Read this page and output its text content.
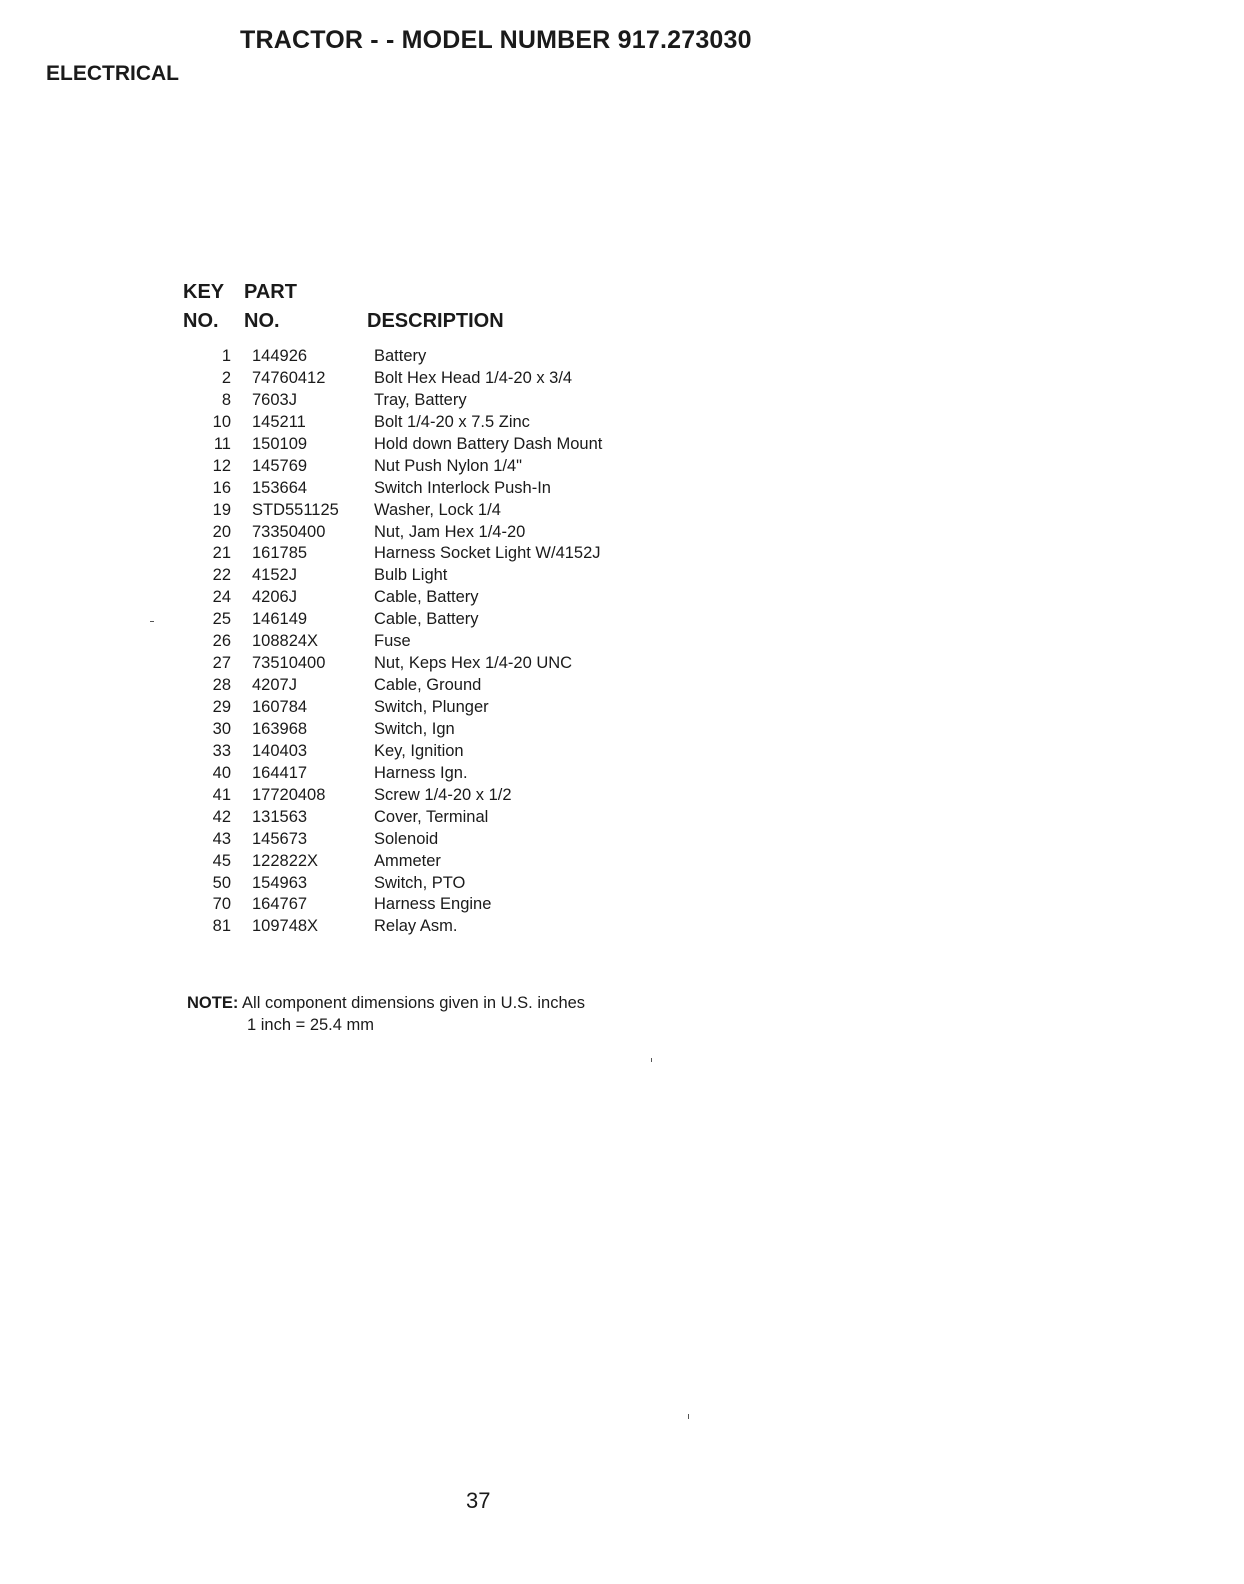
TRACTOR - - MODEL NUMBER 917.273030
ELECTRICAL
KEY
NO.
PART
NO.	DESCRIPTION
1 144926	Battery
2 74760412	Bolt Hex Head 1/4-20 x 3/4
8 7603J	Tray, Battery
10 145211	Bolt 1/4-20 x 7.5 Zinc
11 150109	Hold down Battery Dash Mount
12 145769	Nut Push Nylon 1/4"
16 153664	Switch Interlock Push-In
19 STD551125 Washer, Lock 1/4
20 73350400	Nut, Jam Hex 1/4-20
21 161785	Harness Socket Light W/4152J
22 4152J	Bulb Light
24 4206J	Cable, Battery
25 146149	Cable, Battery
26 108824X	Fuse
27 73510400	Nut, Keps Hex 1/4-20 UNC
28 4207J	Cable, Ground
29 160784	Switch, Plunger
30 163968	Switch, Ign
33 140403	Key, Ignition
40 164417	Harness Ign.
41 17720408	Screw 1/4-20 x 1/2
42 131563	Cover, Terminal
43 145673	Solenoid
45 122822X	Ammeter
50 154963	Switch, PTO
70 164767	Harness Engine
81 109748X	Relay Asm.
NOTE: All component dimensions given in U.S. inches
1 inch = 25.4 mm
37
